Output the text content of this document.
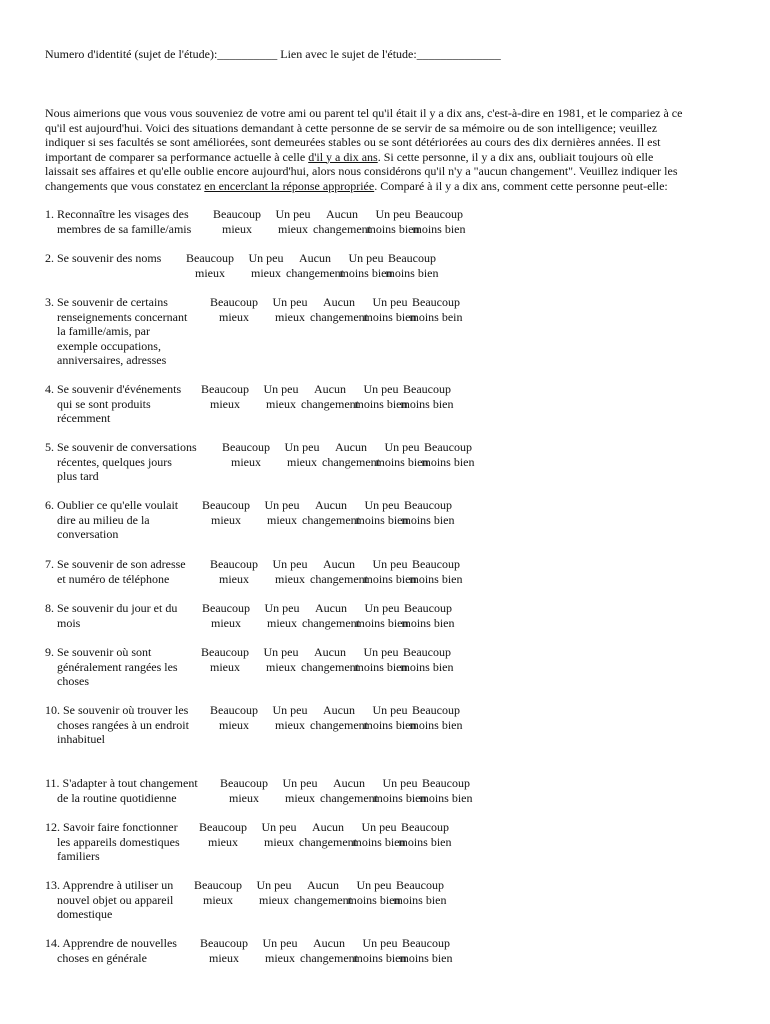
Numero d'identité (sujet de l'étude):__________ Lien avec le sujet de l'étude:______________

Nous aimerions que vous vous souveniez de votre ami ou parent tel qu'il était il y a dix ans, c'est-à-dire en 1981, et le compariez à ce

qu'il est aujourd'hui. Voici des situations demandant à cette personne de se servir de sa mémoire ou de son intelligence; veuillez

indiquer si ses facultés se sont améliorées, sont demeurées stables ou se sont détériorées au cours des dix dernières années. Il est

important de comparer sa performance actuelle à celle d'il y a dix ans. Si cette personne, il y a dix ans, oubliait toujours où elle

laissait ses affaires et qu'elle oublie encore aujourd'hui, alors nous considérons qu'il n'y a "aucun changement". Veuillez indiquer les

changements que vous constatez en encerclant la réponse appropriée. Comparé à il y a dix ans, comment cette personne peut-elle:

1. Reconnaître les visages des
membres de sa famille/amis
Beaucoup
mieux
Un peu
mieux
Aucun
changement
Un peu
moins bien
Beaucoup
moins bien
2. Se souvenir des noms	Beaucoup
mieux
Un peu
mieux
Aucun
changement
Un peu
moins bien
Beaucoup
moins bien
3. Se souvenir de certains
renseignements concernant
la famille/amis, par
exemple occupations,
anniversaires, adresses
Beaucoup
mieux
Un peu
mieux
Aucun
changement
Un peu
moins bien
Beaucoup
moins bein
4. Se souvenir d'événements
qui se sont produits
récemment
Beaucoup
mieux
Un peu
mieux
Aucun
changement
Un peu
moins bien
Beaucoup
moins bien
5. Se souvenir de conversations
récentes, quelques jours
plus tard
Beaucoup
mieux
Un peu
mieux
Aucun
changement
Un peu
moins bien
Beaucoup
moins bien
6. Oublier ce qu'elle voulait
dire au milieu de la
conversation
Beaucoup
mieux
Un peu
mieux
Aucun
changement
Un peu
moins bien
Beaucoup
moins bien
7. Se souvenir de son adresse
et numéro de téléphone
Beaucoup
mieux
Un peu
mieux
Aucun
changement
Un peu
moins bien
Beaucoup
moins bien
8. Se souvenir du jour et du
mois
Beaucoup
mieux
Un peu
mieux
Aucun
changement
Un peu
moins bien
Beaucoup
moins bien
9. Se souvenir où sont
généralement rangées les
choses
Beaucoup
mieux
Un peu
mieux
Aucun
changement
Un peu
moins bien
Beaucoup
moins bien
10. Se souvenir où trouver les
choses rangées à un endroit
inhabituel
Beaucoup
mieux
Un peu
mieux
Aucun
changement
Un peu
moins bien
Beaucoup
moins bien
11. S'adapter à tout changement
de la routine quotidienne
Beaucoup
mieux
Un peu
mieux
Aucun
changement
Un peu
moins bien
Beaucoup
moins bien
12. Savoir faire fonctionner
les appareils domestiques
familiers
Beaucoup
mieux
Un peu
mieux
Aucun
changement
Un peu
moins bien
Beaucoup
moins bien
13. Apprendre à utiliser un
nouvel objet ou appareil
domestique
Beaucoup
mieux
Un peu
mieux
Aucun
changement
Un peu
moins bien
Beaucoup
moins bien
14. Apprendre de nouvelles
choses en générale
Beaucoup
mieux
Un peu
mieux
Aucun
changement
Un peu
moins bien
Beaucoup
moins bien
